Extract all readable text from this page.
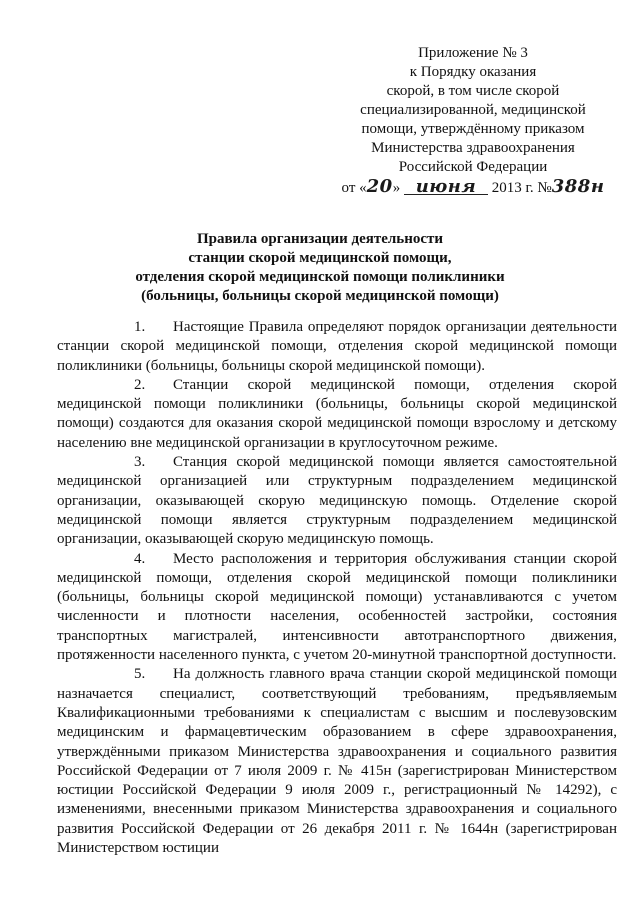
Приложение № 3
к Порядку оказания
скорой, в том числе скорой
специализированной, медицинской
помощи, утверждённому приказом
Министерства здравоохранения
Российской Федерации
от «20» июня 2013 г. №388н
Правила организации деятельности
станции скорой медицинской помощи,
отделения скорой медицинской помощи поликлиники
(больницы, больницы скорой медицинской помощи)

1. Настоящие Правила определяют порядок организации деятельности станции скорой медицинской помощи, отделения скорой медицинской помощи поликлиники (больницы, больницы скорой медицинской помощи).

2. Станции скорой медицинской помощи, отделения скорой медицинской помощи поликлиники (больницы, больницы скорой медицинской помощи) создаются для оказания скорой медицинской помощи взрослому и детскому населению вне медицинской организации в круглосуточном режиме.

3. Станция скорой медицинской помощи является самостоятельной медицинской организацией или структурным подразделением медицинской организации, оказывающей скорую медицинскую помощь. Отделение скорой медицинской помощи является структурным подразделением медицинской организации, оказывающей скорую медицинскую помощь.

4. Место расположения и территория обслуживания станции скорой медицинской помощи, отделения скорой медицинской помощи поликлиники (больницы, больницы скорой медицинской помощи) устанавливаются с учетом численности и плотности населения, особенностей застройки, состояния транспортных магистралей, интенсивности автотранспортного движения, протяженности населенного пункта, с учетом 20-минутной транспортной доступности.

5. На должность главного врача станции скорой медицинской помощи назначается специалист, соответствующий требованиям, предъявляемым Квалификационными требованиями к специалистам с высшим и послевузовским медицинским и фармацевтическим образованием в сфере здравоохранения, утверждёнными приказом Министерства здравоохранения и социального развития Российской Федерации от 7 июля 2009 г. № 415н (зарегистрирован Министерством юстиции Российской Федерации 9 июля 2009 г., регистрационный № 14292), с изменениями, внесенными приказом Министерства здравоохранения и социального развития Российской Федерации от 26 декабря 2011 г. № 1644н (зарегистрирован Министерством юстиции
